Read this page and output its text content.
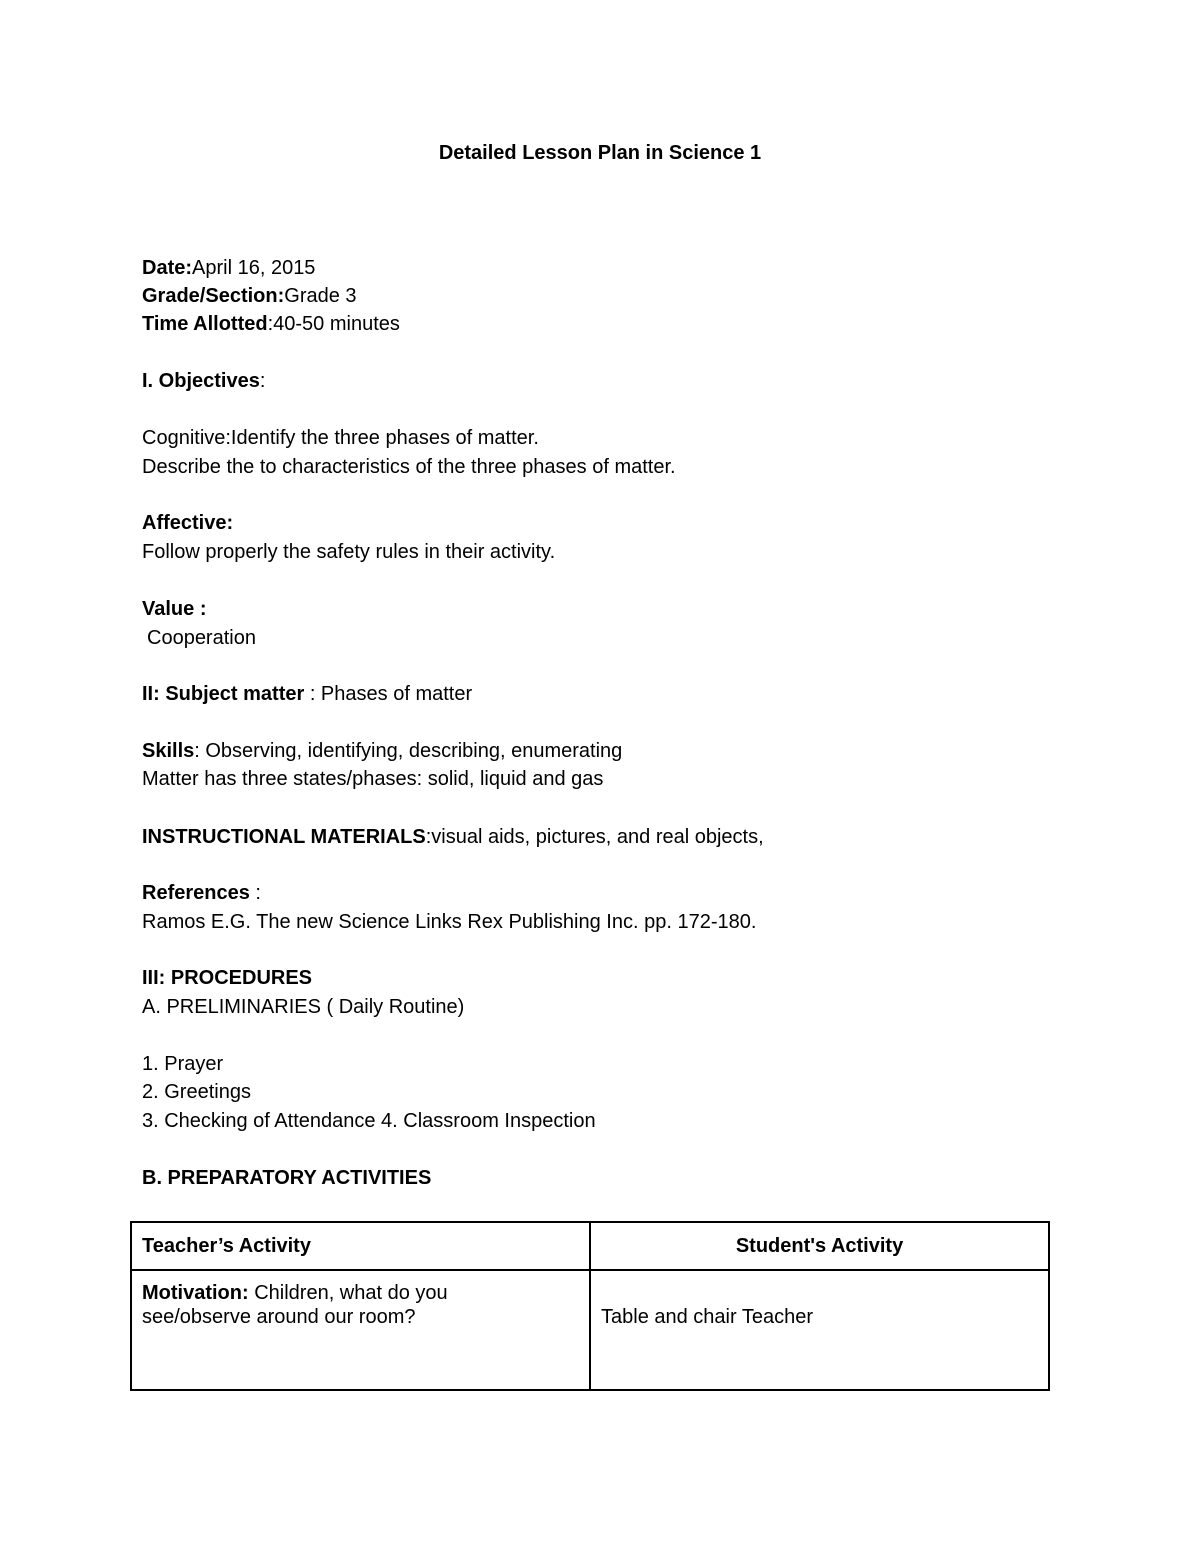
Detailed Lesson Plan in Science 1
Date:April 16, 2015
Grade/Section:Grade 3
Time Allotted:40-50 minutes
I. Objectives:
Cognitive:Identify the three phases of matter.
Describe the to characteristics of the three phases of matter.
Affective:
Follow properly the safety rules in their activity.
Value :
Cooperation
II: Subject matter : Phases of matter
Skills: Observing, identifying, describing, enumerating
Matter has three states/phases: solid, liquid and gas
INSTRUCTIONAL MATERIALS:visual aids, pictures, and real objects,
References :
Ramos E.G. The new Science Links Rex Publishing Inc. pp. 172-180.
III: PROCEDURES
A. PRELIMINARIES ( Daily Routine)
1. Prayer
2. Greetings
3. Checking of Attendance 4. Classroom Inspection
B. PREPARATORY ACTIVITIES
Teacher’s Activity	Student's Activity
Motivation: Children, what do you
see/observe around our room?	Table and chair Teacher
